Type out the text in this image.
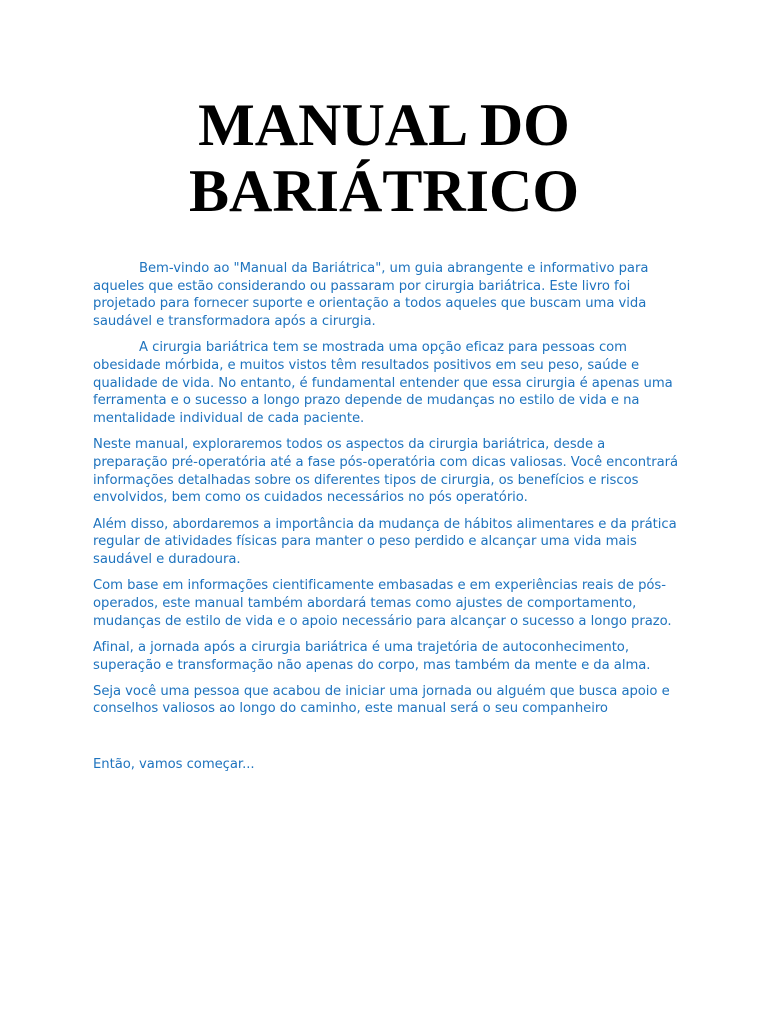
MANUAL DO
BARIÁTRICO

Bem-vindo ao "Manual da Bariátrica", um guia abrangente e informativo para aqueles que estão considerando ou passaram por cirurgia bariátrica. Este livro foi projetado para fornecer suporte e orientação a todos aqueles que buscam uma vida saudável e transformadora após a cirurgia.

A cirurgia bariátrica tem se mostrada uma opção eficaz para pessoas com obesidade mórbida, e muitos vistos têm resultados positivos em seu peso, saúde e qualidade de vida. No entanto, é fundamental entender que essa cirurgia é apenas uma ferramenta e o sucesso a longo prazo depende de mudanças no estilo de vida e na mentalidade individual de cada paciente.

Neste manual, exploraremos todos os aspectos da cirurgia bariátrica, desde a preparação pré-operatória até a fase pós-operatória com dicas valiosas. Você encontrará informações detalhadas sobre os diferentes tipos de cirurgia, os benefícios e riscos envolvidos, bem como os cuidados necessários no pós operatório.

Além disso, abordaremos a importância da mudança de hábitos alimentares e da prática regular de atividades físicas para manter o peso perdido e alcançar uma vida mais saudável e duradoura.

Com base em informações cientificamente embasadas e em experiências reais de pós-operados, este manual também abordará temas como ajustes de comportamento, mudanças de estilo de vida e o apoio necessário para alcançar o sucesso a longo prazo.

Afinal, a jornada após a cirurgia bariátrica é uma trajetória de autoconhecimento, superação e transformação não apenas do corpo, mas também da mente e da alma.

Seja você uma pessoa que acabou de iniciar uma jornada ou alguém que busca apoio e conselhos valiosos ao longo do caminho, este manual será o seu companheiro

Então, vamos começar...
